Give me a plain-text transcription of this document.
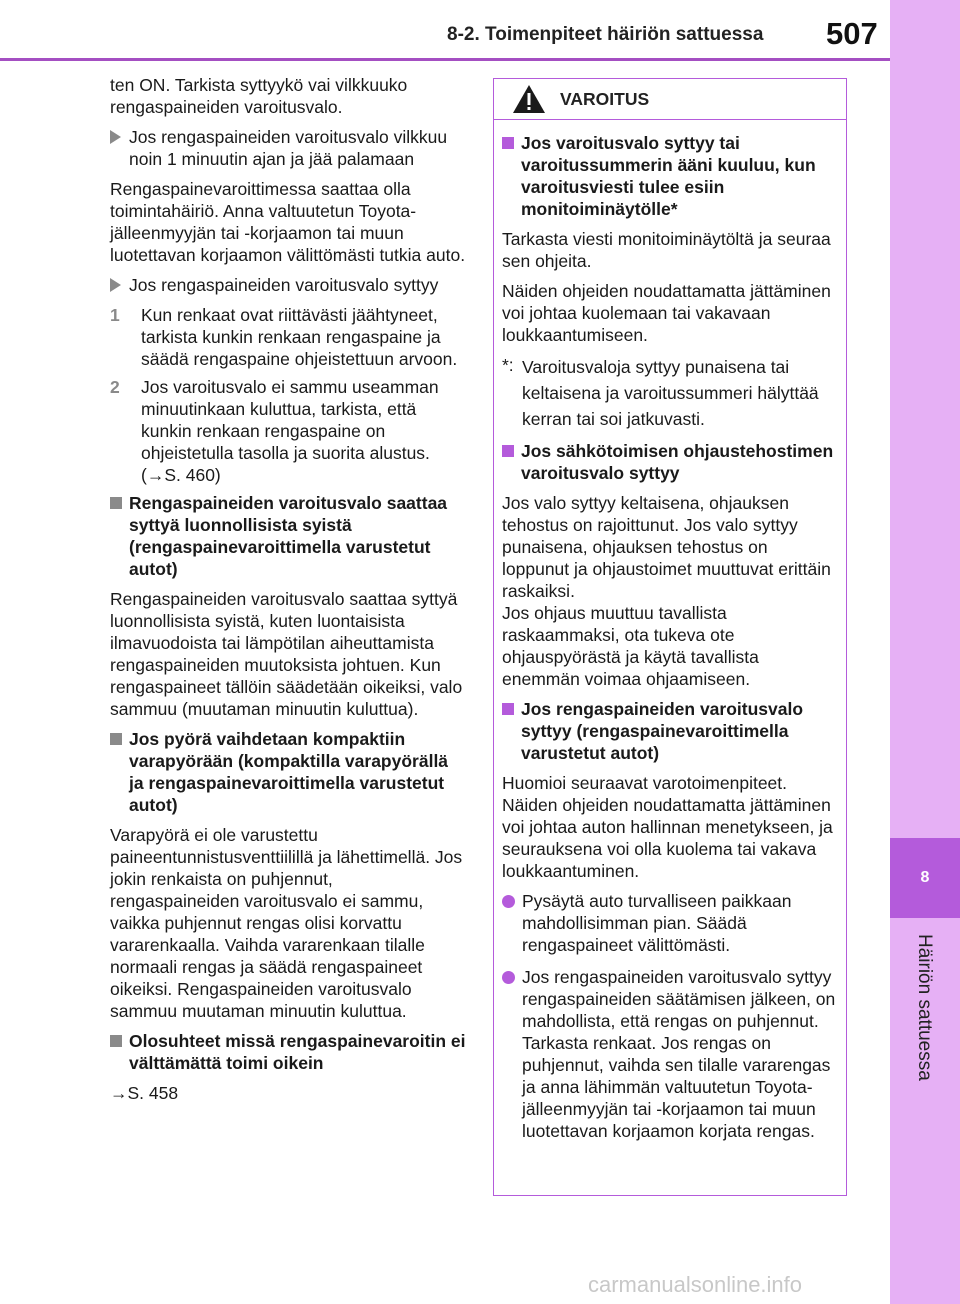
8-2. Toimenpiteet häiriön sattuessa 507
8
Häiriön sattuessa

ten ON. Tarkista syttyykö vai vilkkuuko rengaspaineiden varoitusvalo.

Jos rengaspaineiden varoitusvalo vilkkuu noin 1 minuutin ajan ja jää palamaan

Rengaspainevaroittimessa saattaa olla toimintahäiriö. Anna valtuutetun Toyota-jälleenmyyjän tai -korjaamon tai muun luotettavan korjaamon välittömästi tutkia auto.

Jos rengaspaineiden varoitusvalo syttyy

1	Kun renkaat ovat riittävästi jäähtyneet, tarkista kunkin renkaan rengaspaine ja säädä rengaspaine ohjeistettuun arvoon.

2	Jos varoitusvalo ei sammu useamman minuutinkaan kuluttua, tarkista, että kunkin renkaan rengaspaine on ohjeistetulla tasolla ja suorita alustus. (→S. 460)

Rengaspaineiden varoitusvalo saattaa syttyä luonnollisista syistä (rengaspainevaroittimella varustetut autot)

Rengaspaineiden varoitusvalo saattaa syttyä luonnollisista syistä, kuten luontaisista ilmavuodoista tai lämpötilan aiheuttamista rengaspaineiden muutoksista johtuen. Kun rengaspaineet tällöin säädetään oikeiksi, valo sammuu (muutaman minuutin kuluttua).

Jos pyörä vaihdetaan kompaktiin varapyörään (kompaktilla varapyörällä ja rengaspainevaroittimella varustetut autot)

Varapyörä ei ole varustettu paineentunnistusventtiilillä ja lähettimellä. Jos jokin renkaista on puhjennut, rengaspaineiden varoitusvalo ei sammu, vaikka puhjennut rengas olisi korvattu vararenkaalla. Vaihda vararenkaan tilalle normaali rengas ja säädä rengaspaineet oikeiksi. Rengaspaineiden varoitusvalo sammuu muutaman minuutin kuluttua.

Olosuhteet missä rengaspainevaroitin ei välttämättä toimi oikein

→S. 458

VAROITUS

Jos varoitusvalo syttyy tai varoitussummerin ääni kuuluu, kun varoitusviesti tulee esiin monitoiminäytölle*

Tarkasta viesti monitoiminäytöltä ja seuraa sen ohjeita.

Näiden ohjeiden noudattamatta jättäminen voi johtaa kuolemaan tai vakavaan loukkaantumiseen.

*: Varoitusvaloja syttyy punaisena tai keltaisena ja varoitussummeri hälyttää kerran tai soi jatkuvasti.

Jos sähkötoimisen ohjaustehostimen varoitusvalo syttyy

Jos valo syttyy keltaisena, ohjauksen tehostus on rajoittunut. Jos valo syttyy punaisena, ohjauksen tehostus on loppunut ja ohjaustoimet muuttuvat erittäin raskaiksi.

Jos ohjaus muuttuu tavallista raskaammaksi, ota tukeva ote ohjauspyörästä ja käytä tavallista enemmän voimaa ohjaamiseen.

Jos rengaspaineiden varoitusvalo syttyy (rengaspainevaroittimella varustetut autot)

Huomioi seuraavat varotoimenpiteet. Näiden ohjeiden noudattamatta jättäminen voi johtaa auton hallinnan menetykseen, ja seurauksena voi olla kuolema tai vakava loukkaantuminen.

Pysäytä auto turvalliseen paikkaan mahdollisimman pian. Säädä rengaspaineet välittömästi.

Jos rengaspaineiden varoitusvalo syttyy rengaspaineiden säätämisen jälkeen, on mahdollista, että rengas on puhjennut. Tarkasta renkaat. Jos rengas on puhjennut, vaihda sen tilalle vararengas ja anna lähimmän valtuutetun Toyota-jälleenmyyjän tai -korjaamon tai muun luotettavan korjaamon korjata rengas.

carmanualsonline.info
